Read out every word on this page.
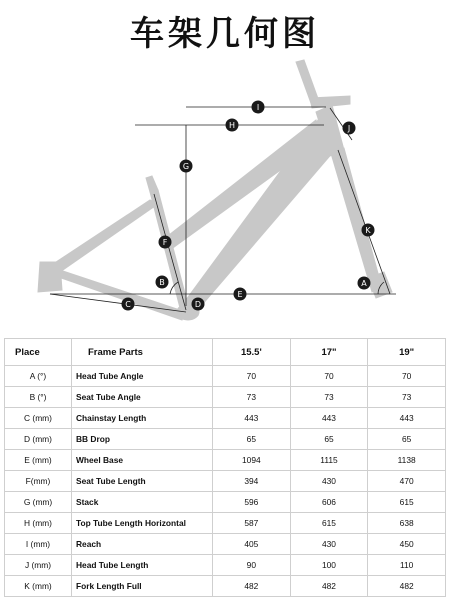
车架几何图
I
H	J
G
K
F
B	A
E
D
C
Place	Frame Parts	15.5'	17"	19"
A (°)	Head Tube Angle	70	70	70
B (°)	Seat Tube Angle	73	73	73
C (mm)	Chainstay Length	443	443	443
D (mm)	BB Drop	65	65	65
E (mm)	Wheel Base	1094	1115	1138
F(mm)	Seat Tube Length	394	430	470
G (mm)	Stack	596	606	615
H (mm)	Top Tube Length Horizontal	587	615	638
I (mm)	Reach	405	430	450
J (mm)	Head Tube Length	90	100	110
K (mm)	Fork Length Full	482	482	482
